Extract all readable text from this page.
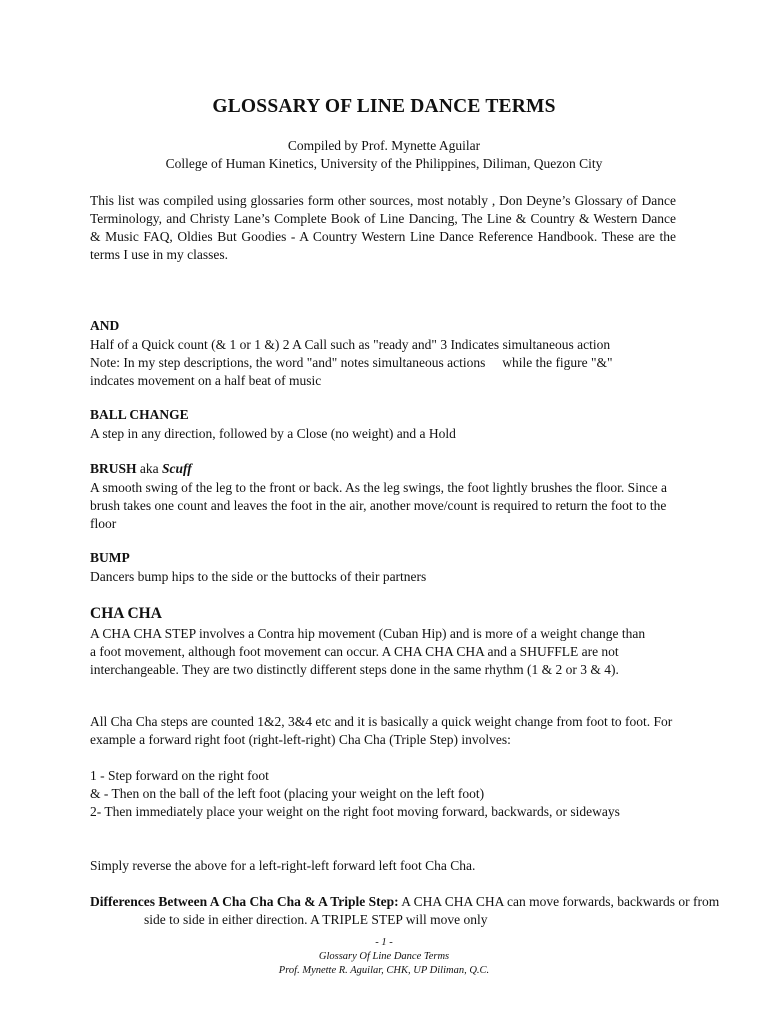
GLOSSARY OF LINE DANCE TERMS
Compiled by Prof. Mynette Aguilar
College of Human Kinetics, University of the Philippines, Diliman, Quezon City
This list was compiled using glossaries form other sources, most notably , Don Deyne’s Glossary of Dance Terminology, and Christy Lane’s Complete Book of Line Dancing, The Line & Country & Western Dance & Music FAQ, Oldies But Goodies - A Country Western Line Dance Reference Handbook. These are the terms I use in my classes.
AND
Half of a Quick count (& 1 or 1 &) 2 A Call such as "ready and" 3 Indicates simultaneous action
Note: In my step descriptions, the word "and" notes simultaneous actions     while the figure "&"
indcates movement on a half beat of music
BALL CHANGE
A step in any direction, followed by a Close (no weight) and a Hold
BRUSH aka Scuff
A smooth swing of the leg to the front or back. As the leg swings, the foot lightly brushes the floor. Since a brush takes one count and leaves the foot in the air, another move/count is required to return the foot to the floor
BUMP
Dancers bump hips to the side or the buttocks of their partners
CHA CHA
A CHA CHA STEP involves a Contra hip movement (Cuban Hip) and is more of a weight change than a foot movement, although foot movement can occur. A CHA CHA CHA and a SHUFFLE are not interchangeable. They are two distinctly different steps done in the same rhythm (1 & 2 or 3 & 4).
All Cha Cha steps are counted 1&2, 3&4 etc and it is basically a quick weight change from foot to foot. For example a forward right foot (right-left-right) Cha Cha (Triple Step) involves:
1 - Step forward on the right foot
& - Then on the ball of the left foot (placing your weight on the left foot)
2- Then immediately place your weight on the right foot moving forward, backwards, or sideways
Simply reverse the above for a left-right-left forward left foot Cha Cha.
Differences Between A Cha Cha Cha & A Triple Step: A CHA CHA CHA can move forwards, backwards or from side to side in either direction. A TRIPLE STEP will move only
- 1 -
Glossary Of Line Dance Terms
Prof. Mynette R. Aguilar, CHK, UP Diliman, Q.C.
